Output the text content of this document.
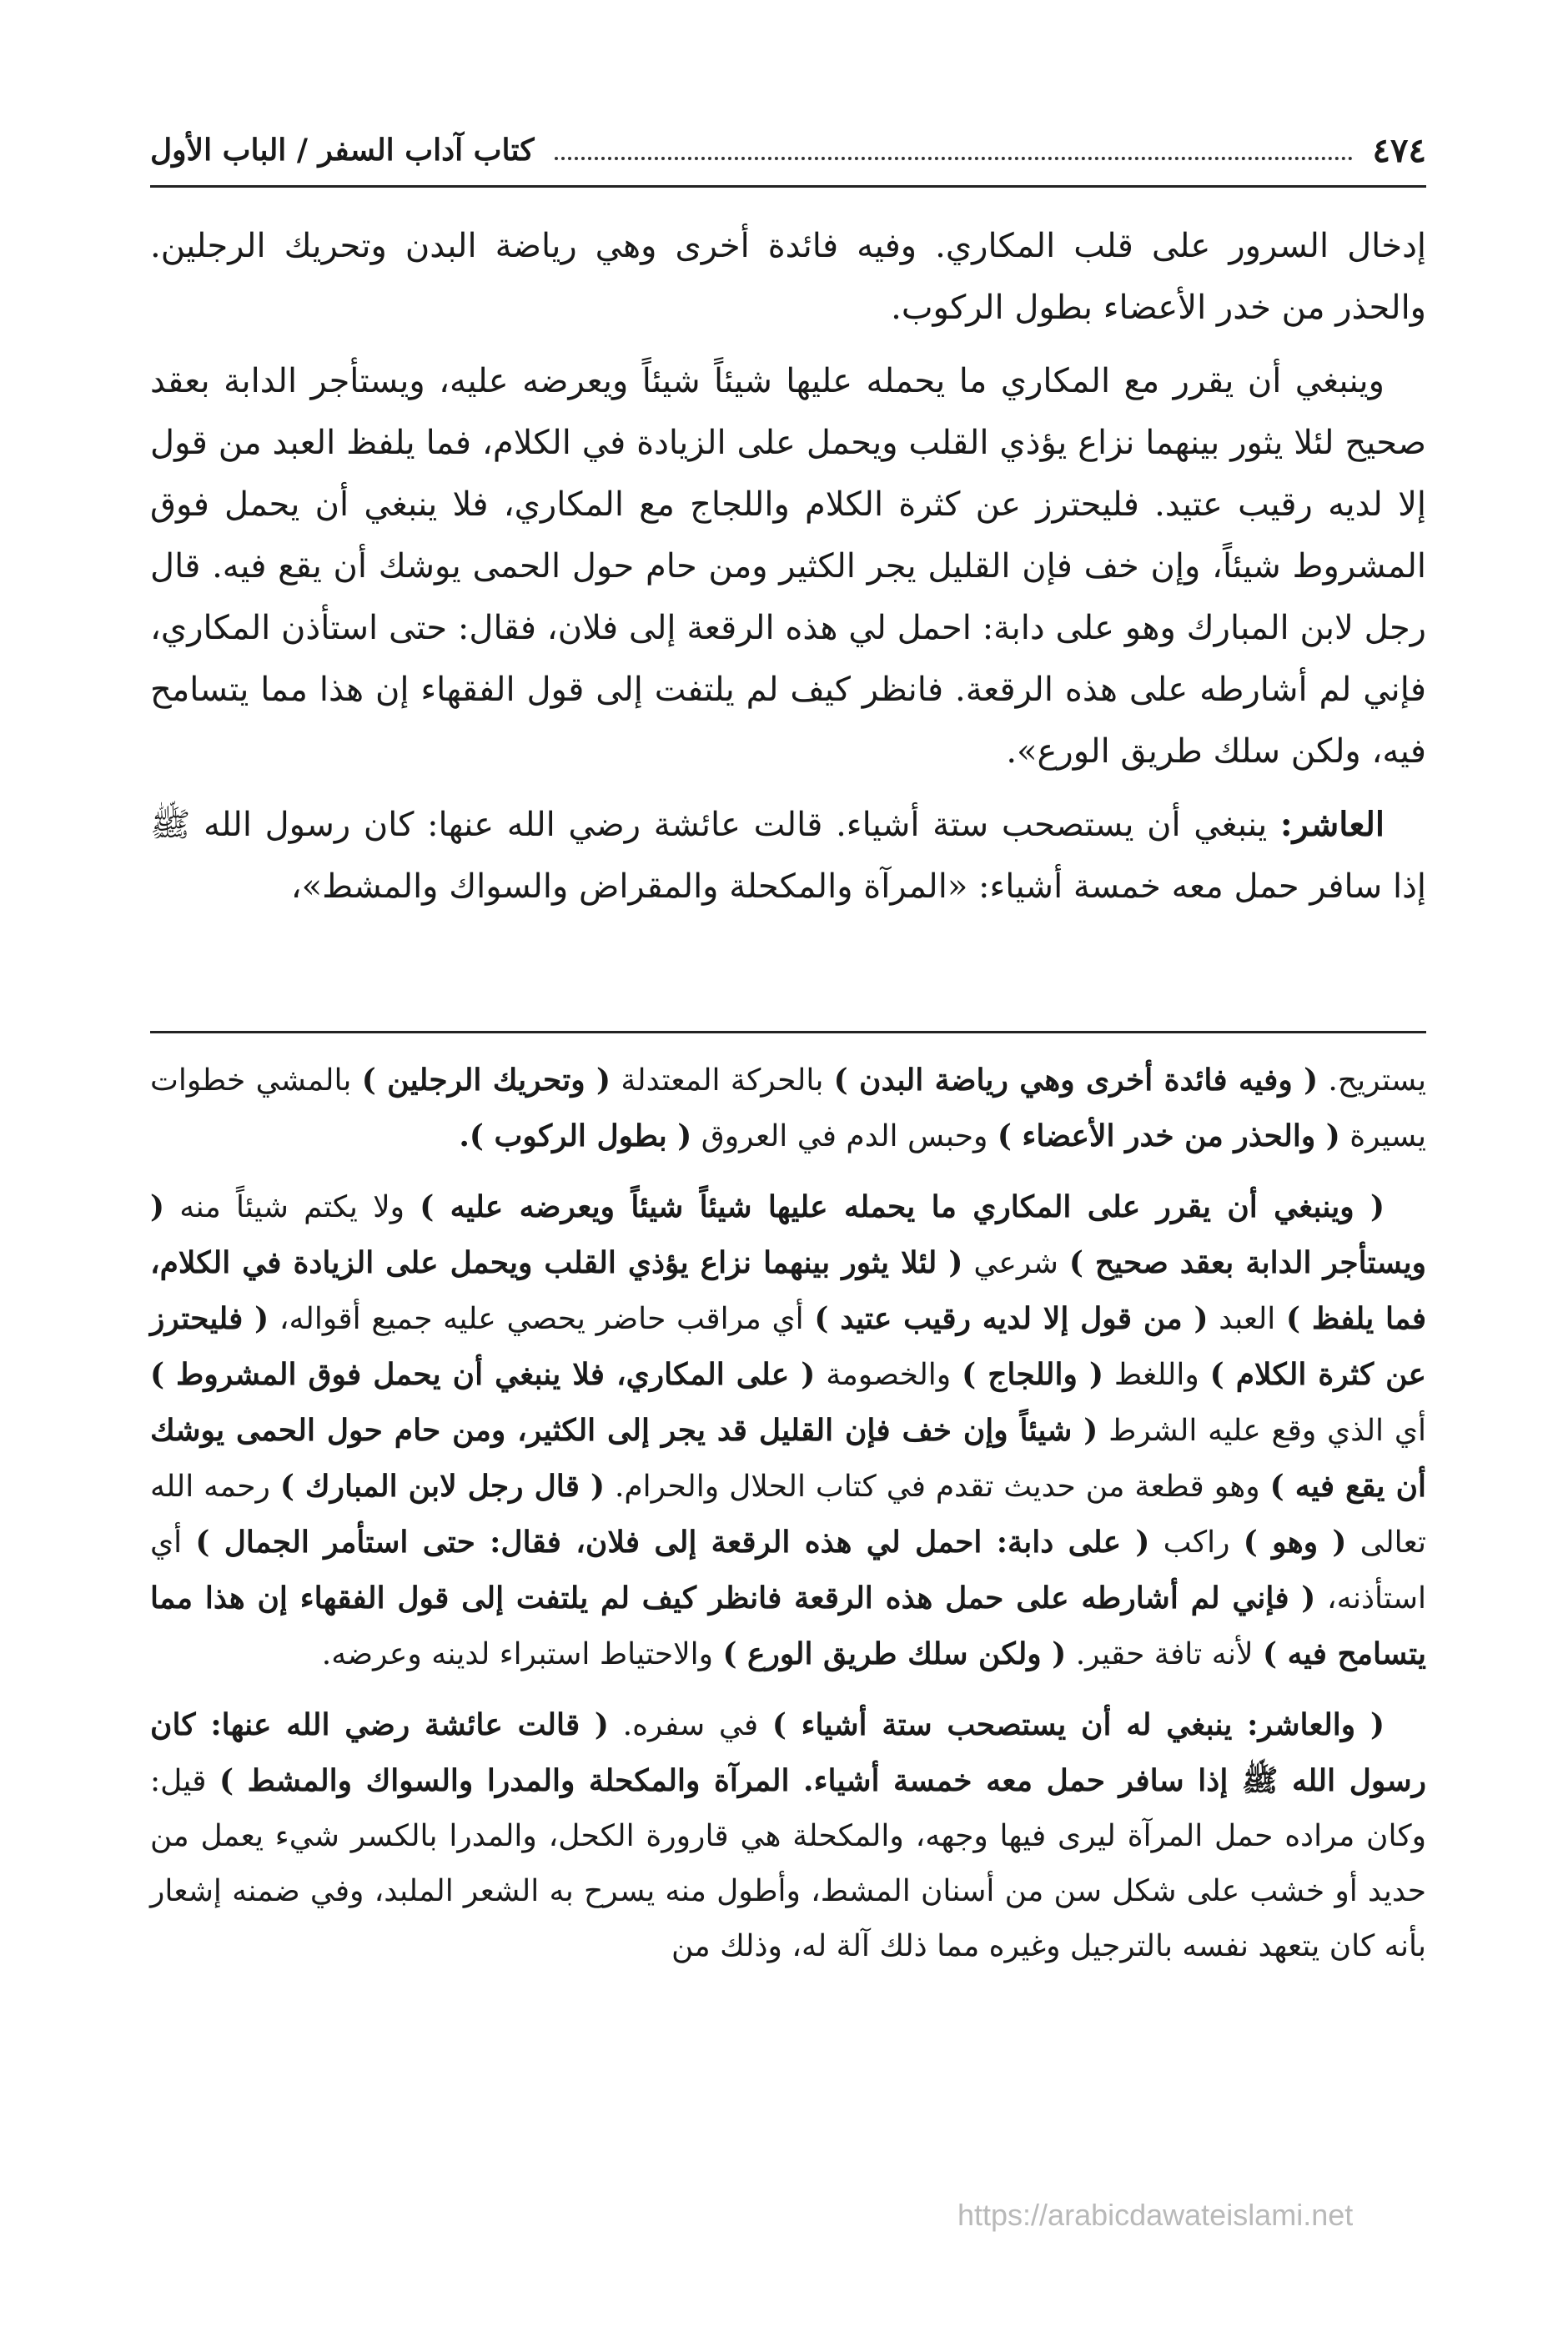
٤٧٤
كتاب آداب السفر / الباب الأول

إدخال السرور على قلب المكاري. وفيه فائدة أخرى وهي رياضة البدن وتحريك الرجلين. والحذر من خدر الأعضاء بطول الركوب.

وينبغي أن يقرر مع المكاري ما يحمله عليها شيئاً شيئاً ويعرضه عليه، ويستأجر الدابة بعقد صحيح لئلا يثور بينهما نزاع يؤذي القلب ويحمل على الزيادة في الكلام، فما يلفظ العبد من قول إلا لديه رقيب عتيد. فليحترز عن كثرة الكلام واللجاج مع المكاري، فلا ينبغي أن يحمل فوق المشروط شيئاً، وإن خف فإن القليل يجر الكثير ومن حام حول الحمى يوشك أن يقع فيه. قال رجل لابن المبارك وهو على دابة: احمل لي هذه الرقعة إلى فلان، فقال: حتى استأذن المكاري، فإني لم أشارطه على هذه الرقعة. فانظر كيف لم يلتفت إلى قول الفقهاء إن هذا مما يتسامح فيه، ولكن سلك طريق الورع».

العاشر: ينبغي أن يستصحب ستة أشياء. قالت عائشة رضي الله عنها: كان رسول الله ﷺ إذا سافر حمل معه خمسة أشياء: «المرآة والمكحلة والمقراض والسواك والمشط»،

يستريح. ( وفيه فائدة أخرى وهي رياضة البدن ) بالحركة المعتدلة ( وتحريك الرجلين ) بالمشي خطوات يسيرة ( والحذر من خدر الأعضاء ) وحبس الدم في العروق ( بطول الركوب ).

( وينبغي أن يقرر على المكاري ما يحمله عليها شيئاً شيئاً ويعرضه عليه ) ولا يكتم شيئاً منه ( ويستأجر الدابة بعقد صحيح ) شرعي ( لئلا يثور بينهما نزاع يؤذي القلب ويحمل على الزيادة في الكلام، فما يلفظ ) العبد ( من قول إلا لديه رقيب عتيد ) أي مراقب حاضر يحصي عليه جميع أقواله، ( فليحترز عن كثرة الكلام ) واللغط ( واللجاج ) والخصومة ( على المكاري، فلا ينبغي أن يحمل فوق المشروط ) أي الذي وقع عليه الشرط ( شيئاً وإن خف فإن القليل قد يجر إلى الكثير، ومن حام حول الحمى يوشك أن يقع فيه ) وهو قطعة من حديث تقدم في كتاب الحلال والحرام. ( قال رجل لابن المبارك ) رحمه الله تعالى ( وهو ) راكب ( على دابة: احمل لي هذه الرقعة إلى فلان، فقال: حتى استأمر الجمال ) أي استأذنه، ( فإني لم أشارطه على حمل هذه الرقعة فانظر كيف لم يلتفت إلى قول الفقهاء إن هذا مما يتسامح فيه ) لأنه تافة حقير. ( ولكن سلك طريق الورع ) والاحتياط استبراء لدينه وعرضه.

( والعاشر: ينبغي له أن يستصحب ستة أشياء ) في سفره. ( قالت عائشة رضي الله عنها: كان رسول الله ﷺ إذا سافر حمل معه خمسة أشياء. المرآة والمكحلة والمدرا والسواك والمشط ) قيل: وكان مراده حمل المرآة ليرى فيها وجهه، والمكحلة هي قارورة الكحل، والمدرا بالكسر شيء يعمل من حديد أو خشب على شكل سن من أسنان المشط، وأطول منه يسرح به الشعر الملبد، وفي ضمنه إشعار بأنه كان يتعهد نفسه بالترجيل وغيره مما ذلك آلة له، وذلك من

https://arabicdawateislami.net
